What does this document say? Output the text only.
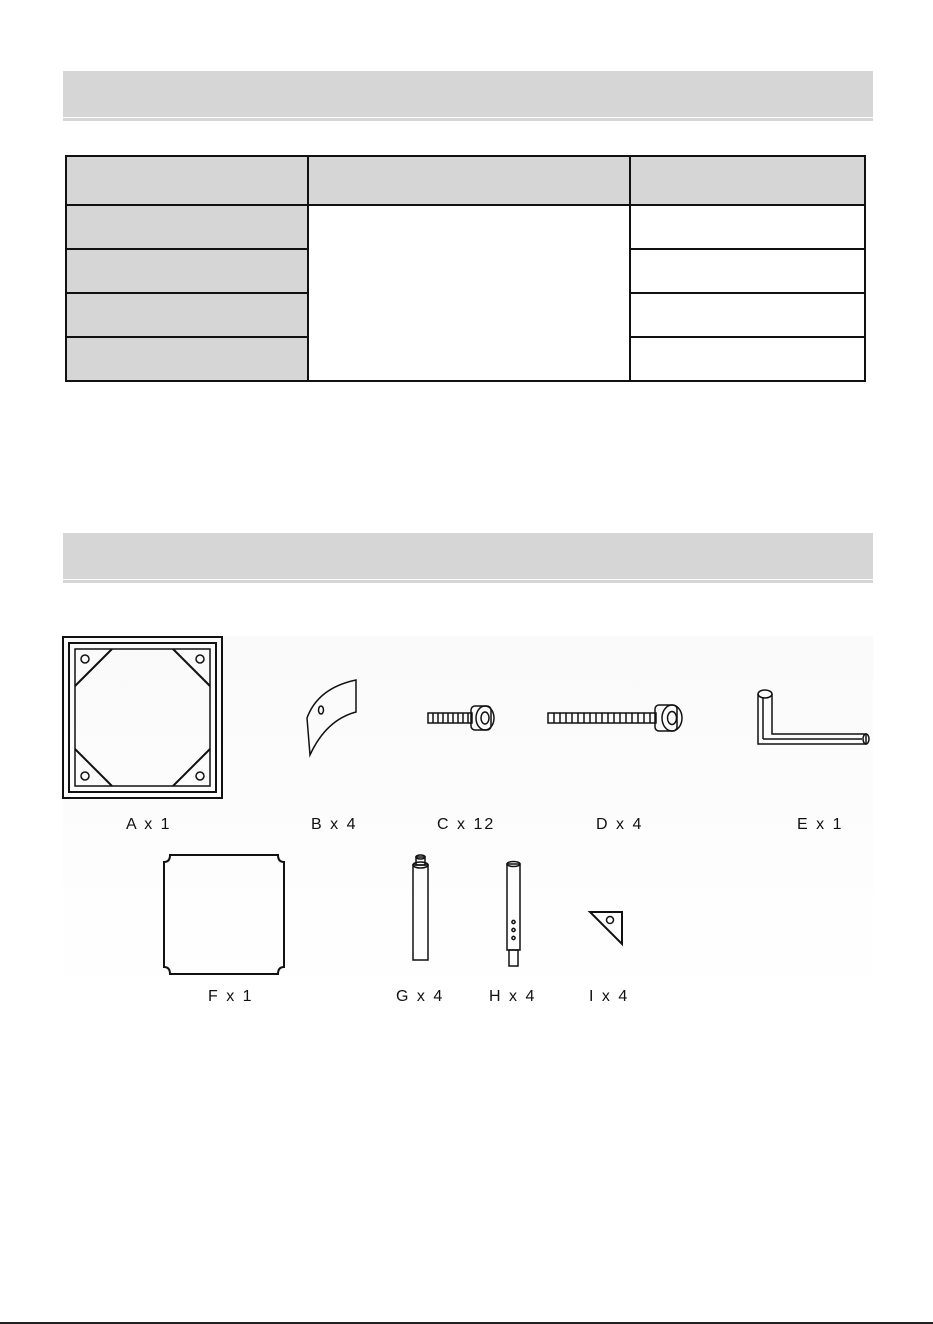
A x 1	B x 4	C x 12	D x 4	E x 1
F x 1	G x 4	H x 4	I x 4
